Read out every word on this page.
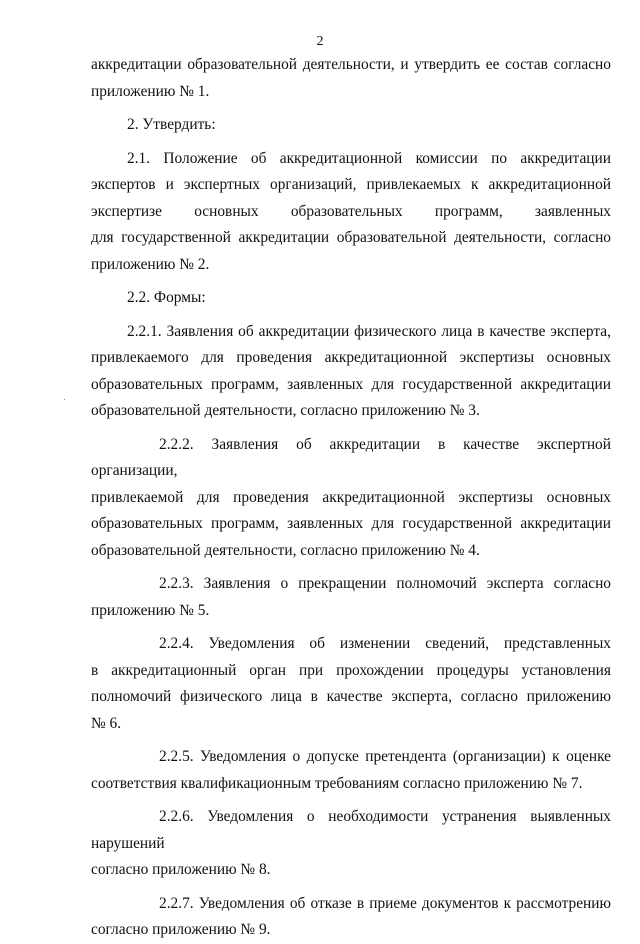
2
аккредитации образовательной деятельности, и утвердить ее состав согласно
приложению № 1.
2. Утвердить:
2.1. Положение об аккредитационной комиссии по аккредитации
экспертов и экспертных организаций, привлекаемых к аккредитационной
экспертизе основных образовательных программ, заявленных
для государственной аккредитации образовательной деятельности, согласно
приложению № 2.
2.2. Формы:
2.2.1. Заявления об аккредитации физического лица в качестве эксперта,
привлекаемого для проведения аккредитационной экспертизы основных
образовательных программ, заявленных для государственной аккредитации
образовательной деятельности, согласно приложению № 3.
2.2.2. Заявления об аккредитации в качестве экспертной организации,
привлекаемой для проведения аккредитационной экспертизы основных
образовательных программ, заявленных для государственной аккредитации
образовательной деятельности, согласно приложению № 4.
2.2.3. Заявления о прекращении полномочий эксперта согласно
приложению № 5.
2.2.4. Уведомления об изменении сведений, представленных
в аккредитационный орган при прохождении процедуры установления
полномочий физического лица в качестве эксперта, согласно приложению
№ 6.
2.2.5. Уведомления о допуске претендента (организации) к оценке
соответствия квалификационным требованиям согласно приложению № 7.
2.2.6. Уведомления о необходимости устранения выявленных нарушений
согласно приложению № 8.
2.2.7. Уведомления об отказе в приеме документов к рассмотрению
согласно приложению № 9.
